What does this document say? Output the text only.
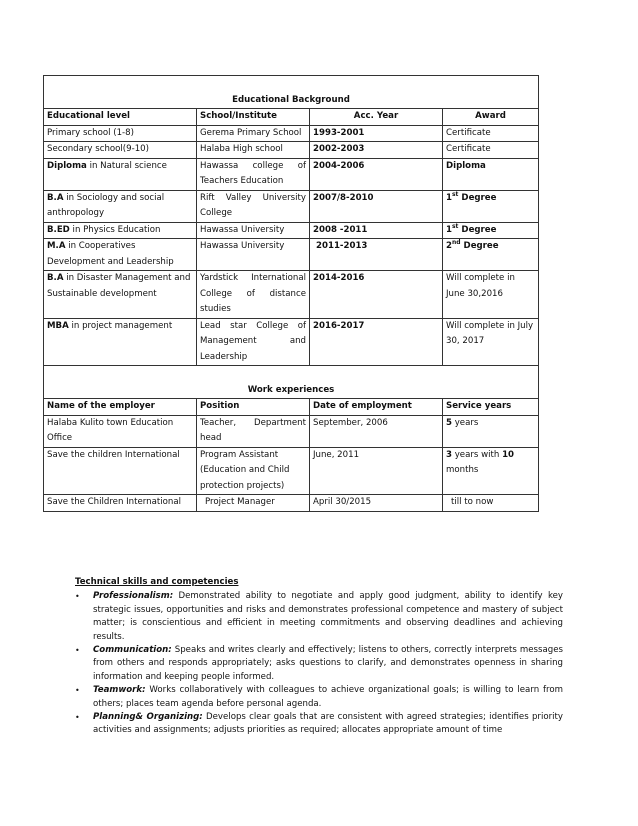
Educational Background			
Educational level	School/Institute	Acc. Year	Award
Primary school (1-8)	Gerema Primary School	1993-2001	Certificate
Secondary school(9-10)	Halaba High school	2002-2003	Certificate
Diploma in Natural science	Hawassa college of Teachers Education	2004-2006	Diploma
B.A in Sociology and social anthropology	Rift Valley University College	2007/8-2010	1st Degree
B.ED in Physics Education	Hawassa University	2008 -2011	1st Degree
M.A in Cooperatives Development and Leadership	Hawassa University	2011-2013	2nd Degree
B.A in Disaster Management and Sustainable development	Yardstick International College of distance studies	2014-2016	Will complete in June 30,2016
MBA in project management	Lead star College of Management and Leadership	2016-2017	Will complete in July 30, 2017
Work experiences			
Name of the employer	Position	Date of employment	Service years
Halaba Kulito town Education Office	Teacher, Department head	September, 2006	5 years
Save the children International	Program Assistant (Education and Child protection projects)	June, 2011	3 years with 10 months
Save the Children International	Project Manager	April 30/2015	till to now
Technical skills and competencies
• Professionalism: Demonstrated ability to negotiate and apply good judgment, ability to identify key strategic issues, opportunities and risks and demonstrates professional competence and mastery of subject matter; is conscientious and efficient in meeting commitments and observing deadlines and achieving results.
• Communication: Speaks and writes clearly and effectively; listens to others, correctly interprets messages from others and responds appropriately; asks questions to clarify, and demonstrates openness in sharing information and keeping people informed.
• Teamwork: Works collaboratively with colleagues to achieve organizational goals; is willing to learn from others; places team agenda before personal agenda.
• Planning& Organizing: Develops clear goals that are consistent with agreed strategies; identifies priority activities and assignments; adjusts priorities as required; allocates appropriate amount of time
